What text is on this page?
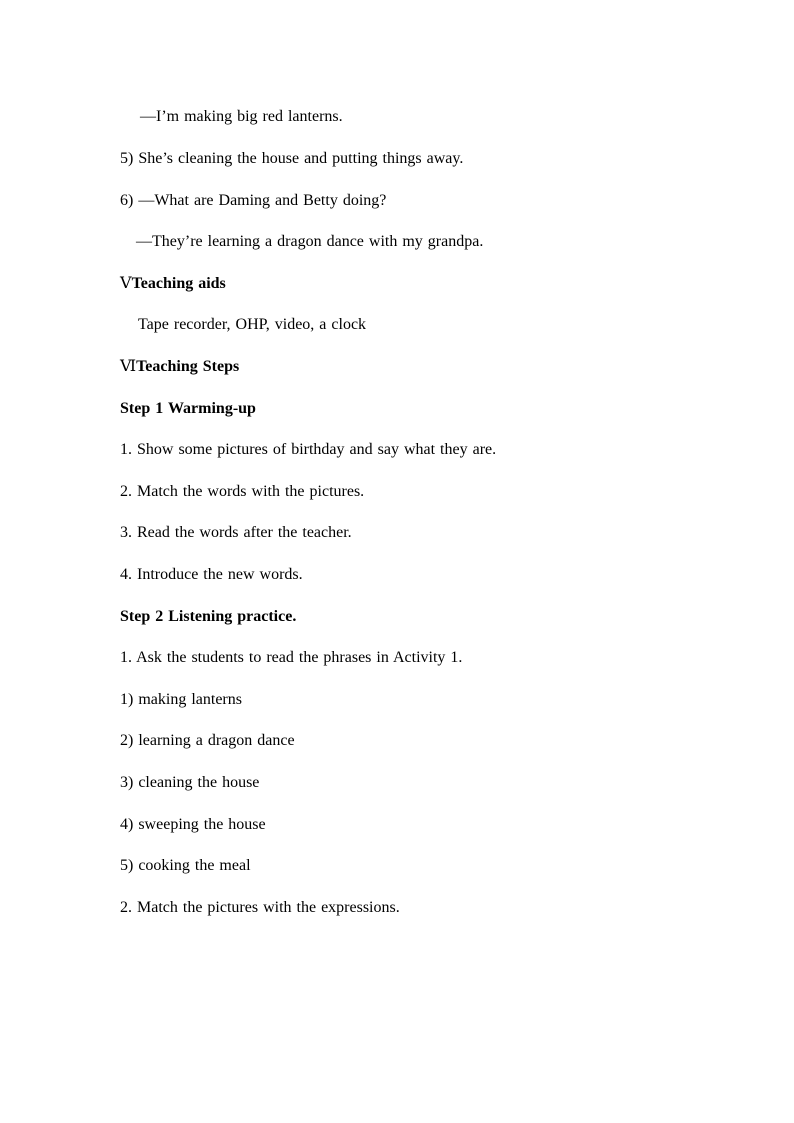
—I’m making big red lanterns.
5) She’s cleaning the house and putting things away.
6) —What are Daming and Betty doing?
—They’re learning a dragon dance with my grandpa.
ⅤTeaching aids
Tape recorder, OHP, video, a clock
ⅥTeaching Steps
Step 1 Warming-up
1. Show some pictures of birthday and say what they are.
2. Match the words with the pictures.
3. Read the words after the teacher.
4. Introduce the new words.
Step 2 Listening practice.
1. Ask the students to read the phrases in Activity 1.
1) making lanterns
2) learning a dragon dance
3) cleaning the house
4) sweeping the house
5) cooking the meal
2. Match the pictures with the expressions.
